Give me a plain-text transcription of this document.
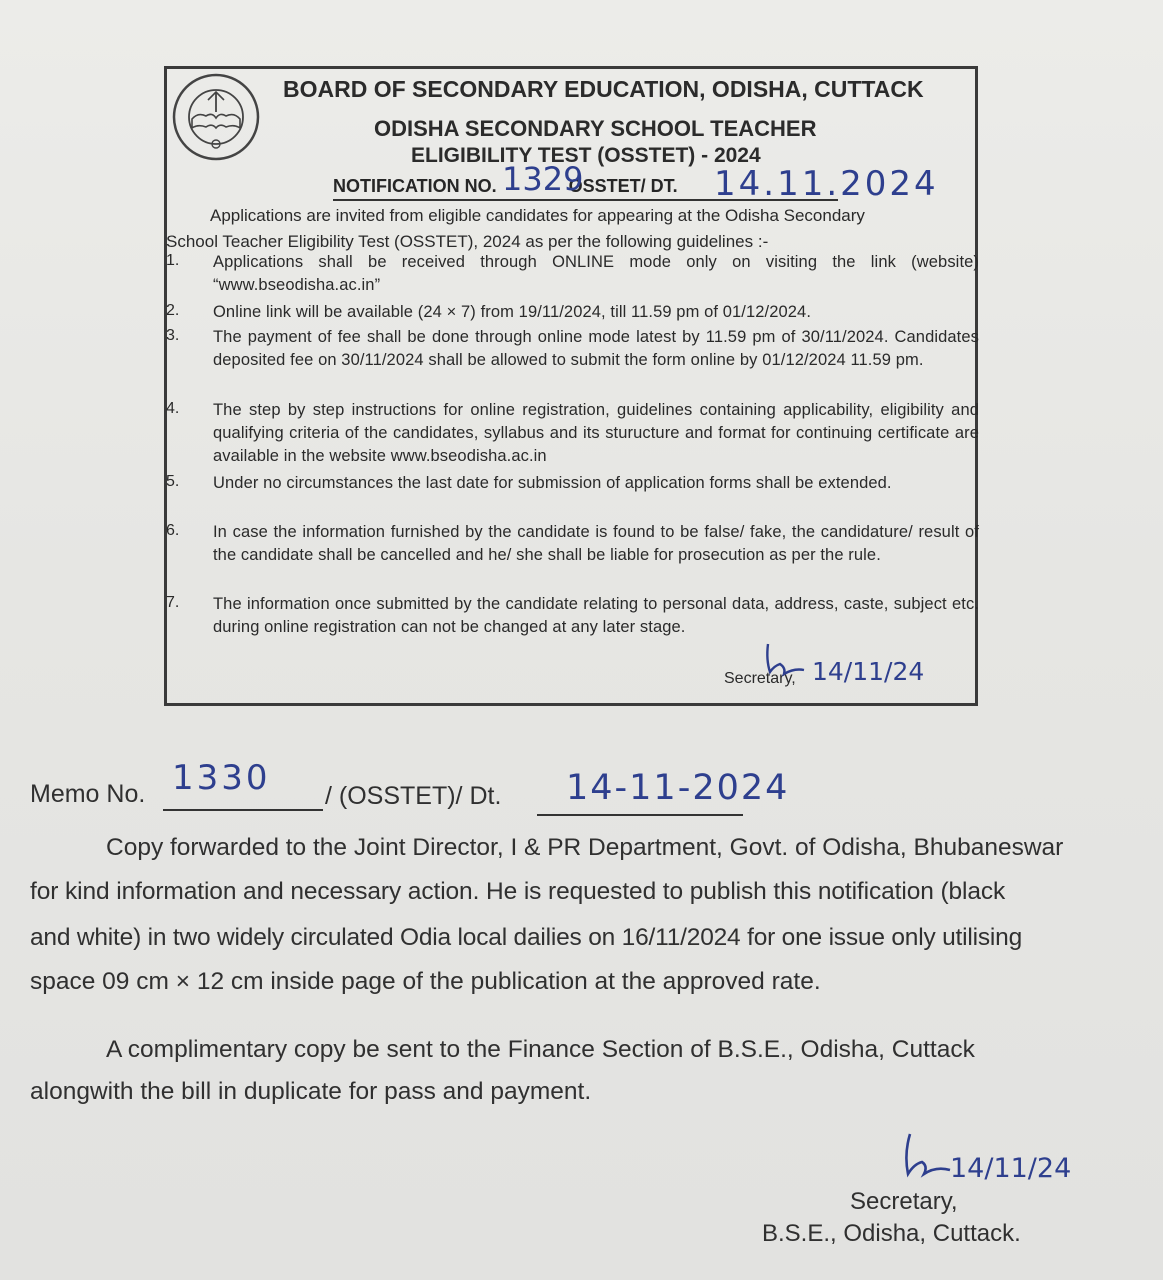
BOARD OF SECONDARY EDUCATION, ODISHA, CUTTACK
ODISHA SECONDARY SCHOOL TEACHER
ELIGIBILITY TEST (OSSTET) - 2024
NOTIFICATION NO.	OSSTET/ DT.
1329	14.11.2024
Applications are invited from eligible candidates for appearing at the Odisha Secondary
School Teacher Eligibility Test (OSSTET), 2024 as per the following guidelines :-
1. Applications shall be received through ONLINE mode only on visiting the link (website) “www.bseodisha.ac.in”
2. Online link will be available (24 × 7) from 19/11/2024, till 11.59 pm of 01/12/2024.
3. The payment of fee shall be done through online mode latest by 11.59 pm of 30/11/2024. Candidates deposited fee on 30/11/2024 shall be allowed to submit the form online by 01/12/2024 11.59 pm.
4. The step by step instructions for online registration, guidelines containing applicability, eligibility and qualifying criteria of the candidates, syllabus and its sturucture and format for continuing certificate are available in the website www.bseodisha.ac.in
5. Under no circumstances the last date for submission of application forms shall be extended.
6. In case the information furnished by the candidate is found to be false/ fake, the candidature/ result of the candidate shall be cancelled and he/ she shall be liable for prosecution as per the rule.
7. The information once submitted by the candidate relating to personal data, address, caste, subject etc. during online registration can not be changed at any later stage.
Secretary, 14/11/24
Memo No. 1330 / (OSSTET)/ Dt. 14-11-2024
Copy forwarded to the Joint Director, I & PR Department, Govt. of Odisha, Bhubaneswar
for kind information and necessary action. He is requested to publish this notification (black
and white) in two widely circulated Odia local dailies on 16/11/2024 for one issue only utilising
space 09 cm × 12 cm inside page of the publication at the approved rate.
A complimentary copy be sent to the Finance Section of B.S.E., Odisha, Cuttack
alongwith the bill in duplicate for pass and payment.
14/11/24
Secretary,
B.S.E., Odisha, Cuttack.
